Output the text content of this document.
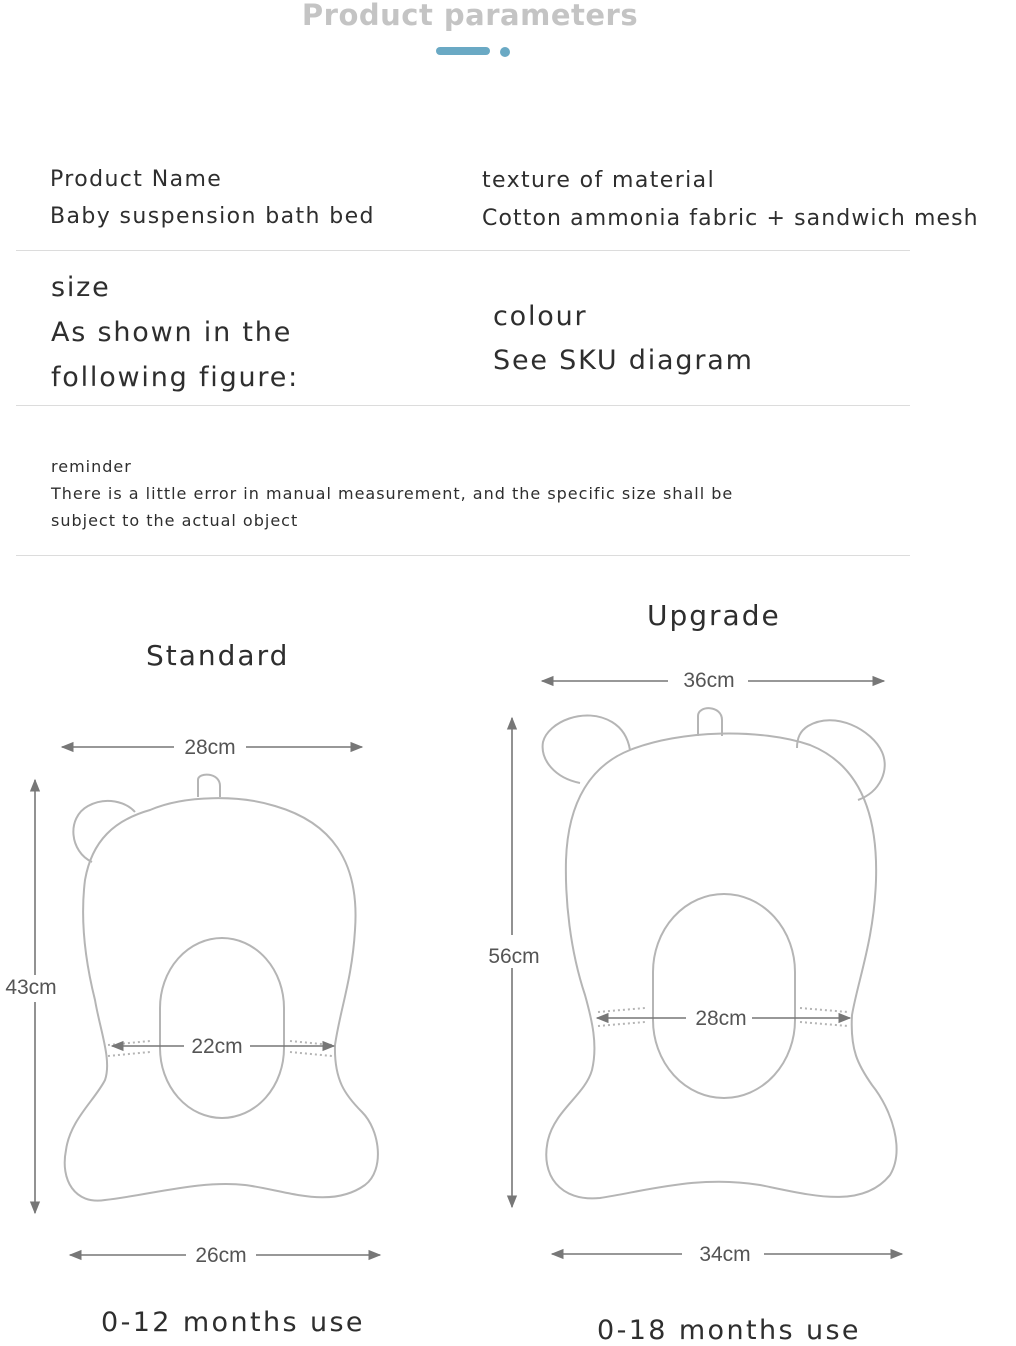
Product parameters
Product Name
Baby suspension bath bed
texture of material
Cotton ammonia fabric + sandwich mesh
size
As shown in the
following figure:
colour
See SKU diagram
reminder
There is a little error in manual measurement, and the specific size shall be
subject to the actual object
Standard
Upgrade
28cm
43cm
22cm
26cm
36cm
56cm
28cm
34cm
0-12 months use	0-18 months use
